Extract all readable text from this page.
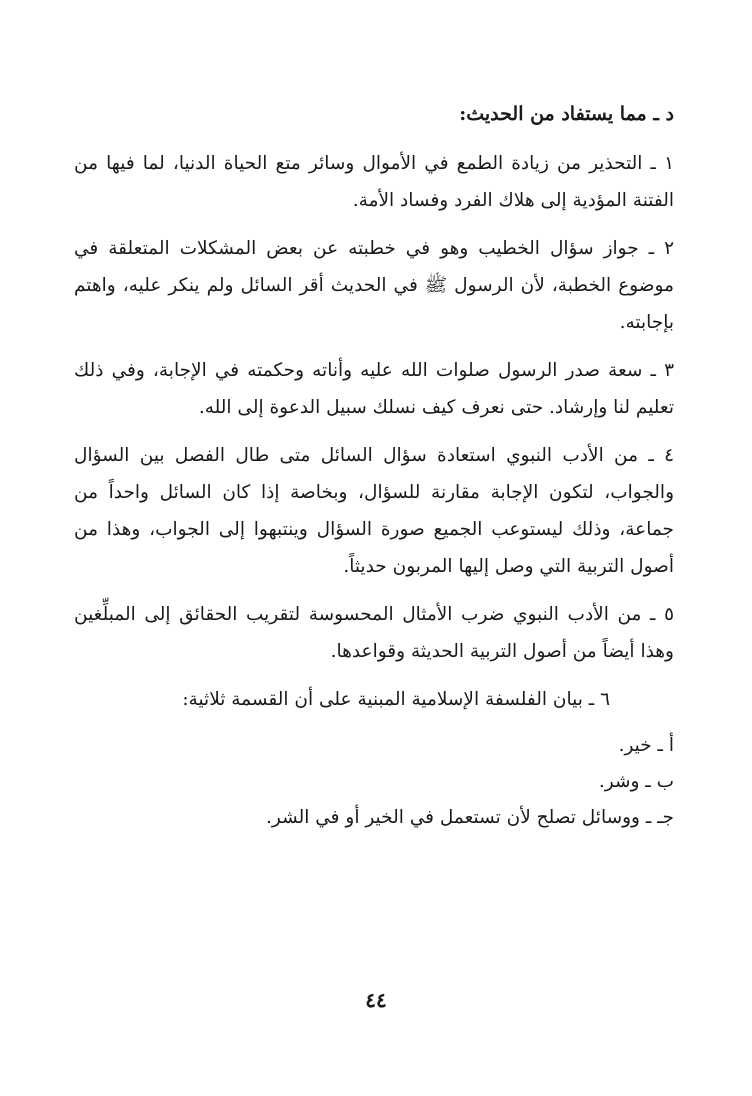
د ـ مما يستفاد من الحديث:

١ ـ التحذير من زيادة الطمع في الأموال وسائر متع الحياة الدنيا، لما فيها من الفتنة المؤدية إلى هلاك الفرد وفساد الأمة.

٢ ـ جواز سؤال الخطيب وهو في خطبته عن بعض المشكلات المتعلقة في موضوع الخطبة، لأن الرسول ﷺ في الحديث أقر السائل ولم ينكر عليه، واهتم بإجابته.

٣ ـ سعة صدر الرسول صلوات الله عليه وأناته وحكمته في الإجابة، وفي ذلك تعليم لنا وإرشاد. حتى نعرف كيف نسلك سبيل الدعوة إلى الله.

٤ ـ من الأدب النبوي استعادة سؤال السائل متى طال الفصل بين السؤال والجواب، لتكون الإجابة مقارنة للسؤال، وبخاصة إذا كان السائل واحداً من جماعة، وذلك ليستوعب الجميع صورة السؤال وينتبهوا إلى الجواب، وهذا من أصول التربية التي وصل إليها المربون حديثاً.

٥ ـ من الأدب النبوي ضرب الأمثال المحسوسة لتقريب الحقائق إلى المبلِّغين وهذا أيضاً من أصول التربية الحديثة وقواعدها.

٦ ـ بيان الفلسفة الإسلامية المبنية على أن القسمة ثلاثية:

أ ـ خير.
ب ـ وشر.
جـ ـ ووسائل تصلح لأن تستعمل في الخير أو في الشر.
٤٤
